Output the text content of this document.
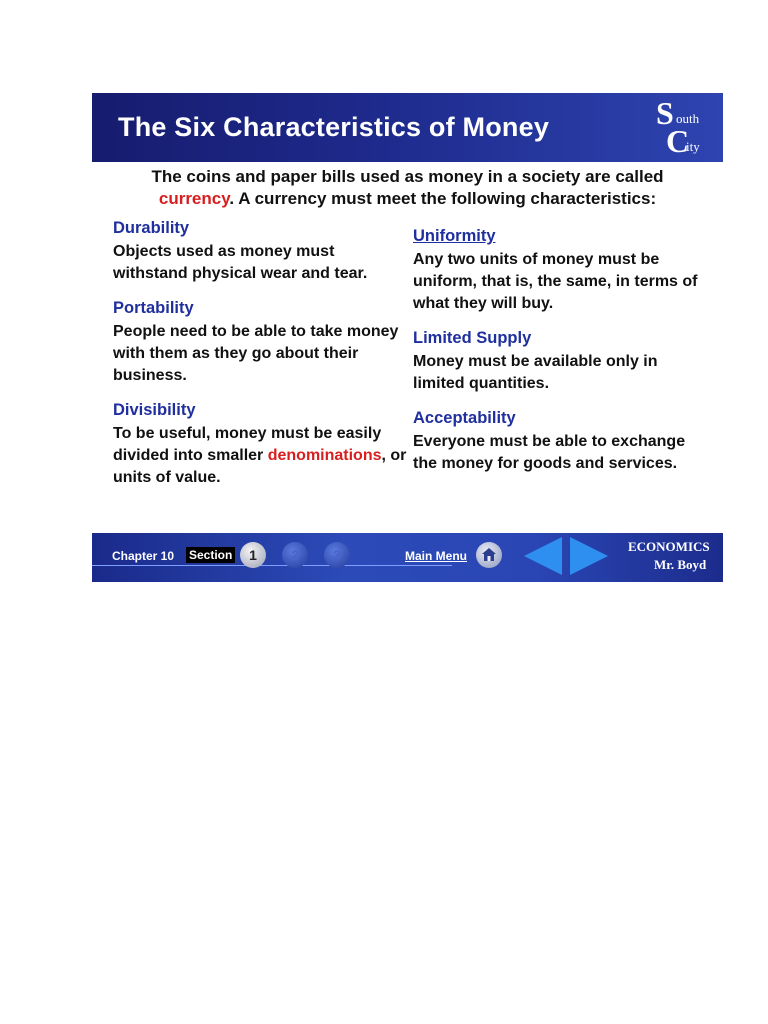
The Six Characteristics of Money	S outh
C
ity
The coins and paper bills used as money in a society are called
currency. A currency must meet the following characteristics:
Durability

Objects used as money must withstand physical wear and tear.

Portability

People need to be able to take money with them as they go about their business.

Divisibility

To be useful, money must be easily divided into smaller denominations, or units of value.

Uniformity

Any two units of money must be uniform, that is, the same, in terms of what they will buy.

Limited Supply

Money must be available only in limited quantities.

Acceptability

Everyone must be able to exchange the money for goods and services.

Chapter 10 Section	1	2	3	Main Menu
ECONOMICS
Mr. Boyd
